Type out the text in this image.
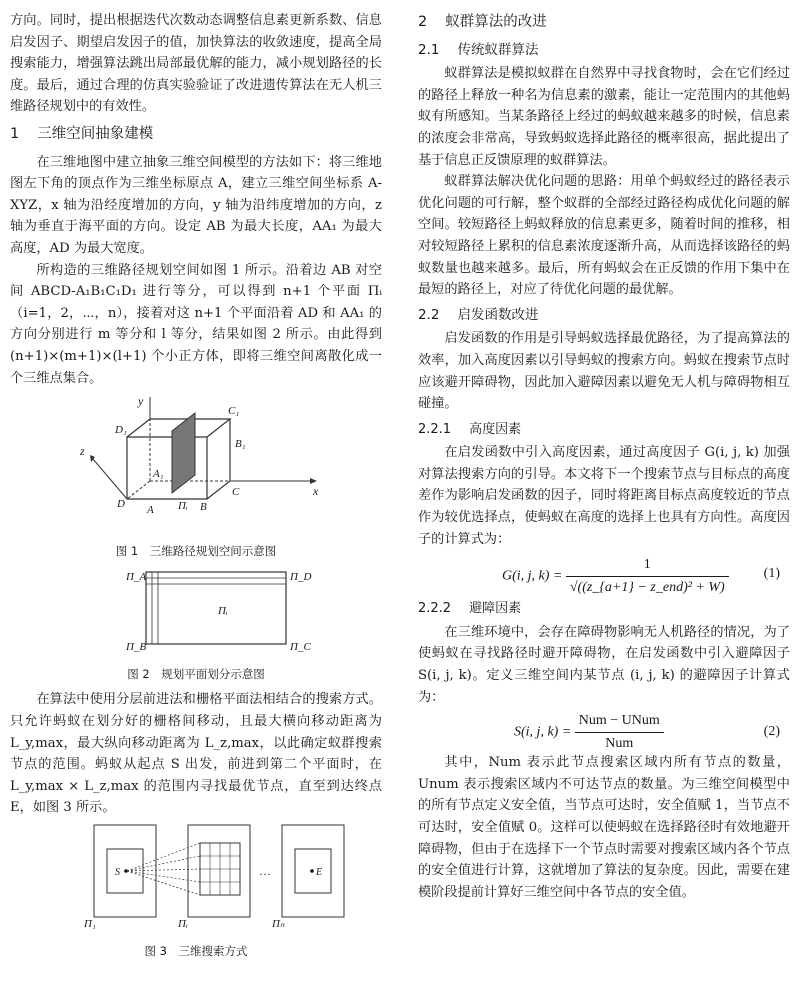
方向。同时，提出根据迭代次数动态调整信息素更新系数、信息启发因子、期望启发因子的值，加快算法的收敛速度，提高全局搜索能力，增强算法跳出局部最优解的能力，减小规划路径的长度。最后，通过合理的仿真实验验证了改进遗传算法在无人机三维路径规划中的有效性。

1 三维空间抽象建模

在三维地图中建立抽象三维空间模型的方法如下：将三维地图左下角的顶点作为三维坐标原点 A，建立三维空间坐标系 A-XYZ，x 轴为沿经度增加的方向，y 轴为沿纬度增加的方向，z 轴为垂直于海平面的方向。设定 AB 为最大长度，AA₁ 为最大高度，AD 为最大宽度。

所构造的三维路径规划空间如图 1 所示。沿着边 AB 对空间 ABCD-A₁B₁C₁D₁ 进行等分，可以得到 n+1 个平面 Πᵢ（i=1，2，⋯，n），接着对这 n+1 个平面沿着 AD 和 AA₁ 的方向分别进行 m 等分和 l 等分，结果如图 2 所示。由此得到 (n+1)×(m+1)×(l+1) 个小正方体，即将三维空间离散化成一个三维点集合。

D₁
C₁
B₁
A₁
D A	B
C
Πᵢ
x
y
z
图 1　三维路径规划空间示意图
Π_A	Π_D
Π_B	Π_C
Πᵢ
图 2　规划平面划分示意图

在算法中使用分层前进法和栅格平面法相结合的搜索方式。只允许蚂蚁在划分好的栅格间移动，且最大横向移动距离为 L_y,max，最大纵向移动距离为 L_z,max，以此确定蚁群搜索节点的范围。蚂蚁从起点 S 出发，前进到第二个平面时，在 L_y,max × L_z,max 的范围内寻找最优节点，直至到达终点 E，如图 3 所示。

S	…	E
Π₁	Πᵢ	Πₙ
图 3　三维搜索方式
2 蚁群算法的改进
2.1 传统蚁群算法

蚁群算法是模拟蚁群在自然界中寻找食物时，会在它们经过的路径上释放一种名为信息素的激素，能让一定范围内的其他蚂蚁有所感知。当某条路径上经过的蚂蚁越来越多的时候，信息素的浓度会非常高，导致蚂蚁选择此路径的概率很高，据此提出了基于信息正反馈原理的蚁群算法。

蚁群算法解决优化问题的思路：用单个蚂蚁经过的路径表示优化问题的可行解，整个蚁群的全部经过路径构成优化问题的解空间。较短路径上蚂蚁释放的信息素更多，随着时间的推移，相对较短路径上累积的信息素浓度逐渐升高，从而选择该路径的蚂蚁数量也越来越多。最后，所有蚂蚁会在正反馈的作用下集中在最短的路径上，对应了待优化问题的最优解。

2.2 启发函数改进

启发函数的作用是引导蚂蚁选择最优路径，为了提高算法的效率，加入高度因素以引导蚂蚁的搜索方向。蚂蚁在搜索节点时应该避开障碍物，因此加入避障因素以避免无人机与障碍物相互碰撞。

2.2.1 高度因素

在启发函数中引入高度因素，通过高度因子 G(i, j, k) 加强对算法搜索方向的引导。本文将下一个搜索节点与目标点的高度差作为影响启发函数的因子，同时将距离目标点高度较近的节点作为较优选择点，使蚂蚁在高度的选择上也具有方向性。高度因子的计算式为：

G(i, j, $k) = \frac{1}{\text{√((z\_\{a+1\} − z\_end)² + W)}} (1)$
2.2.2 避障因素

在三维环境中，会存在障碍物影响无人机路径的情况，为了使蚂蚁在寻找路径时避开障碍物，在启发函数中引入避障因子 S(i, j, k)。定义三维空间内某节点 (i, j, k) 的避障因子计算式为：

S(i, j, $k) = \frac{\text{Num − UNum}}{\text{Num}}$	(2)

其中，Num 表示此节点搜索区域内所有节点的数量，Unum 表示搜索区域内不可达节点的数量。为三维空间模型中的所有节点定义安全值，当节点可达时，安全值赋 1，当节点不可达时，安全值赋 0。这样可以使蚂蚁在选择路径时有效地避开障碍物，但由于在选择下一个节点时需要对搜索区域内各个节点的安全值进行计算，这就增加了算法的复杂度。因此，需要在建模阶段提前计算好三维空间中各节点的安全值。
